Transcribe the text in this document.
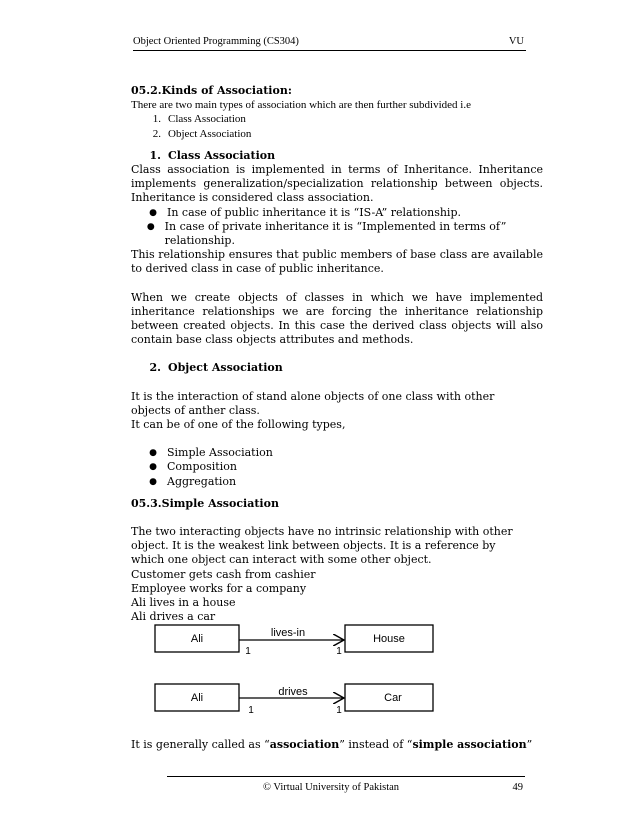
Object Oriented Programming (CS304)	VU

05.2.Kinds of Association:

There are two main types of association which are then further subdivided i.e

1. Class Association
2. Object Association
1. Class Association

Class association is implemented in terms of Inheritance. Inheritance implements generalization/specialization relationship between objects. Inheritance is considered class association.

● In case of public inheritance it is “IS-A” relationship.
● In case of private inheritance it is “Implemented in terms of” relationship.

This relationship ensures that public members of base class are available to derived class in case of public inheritance.

When we create objects of classes in which we have implemented inheritance relationships we are forcing the inheritance relationship between created objects. In this case the derived class objects will also contain base class objects attributes and methods.

2. Object Association

It is the interaction of stand alone objects of one class with other objects of anther class.

It can be of one of the following types,

● Simple Association
● Composition
● Aggregation

05.3.Simple Association

The two interacting objects have no intrinsic relationship with other object. It is the weakest link between objects. It is a reference by which one object can interact with some other object.

Customer gets cash from cashier

Employee works for a company

Ali lives in a house

Ali drives a car

Ali	lives-in
1	1
House
Ali	drives
1	1
Car

It is generally called as “association” instead of “simple association”

© Virtual University of Pakistan	49
